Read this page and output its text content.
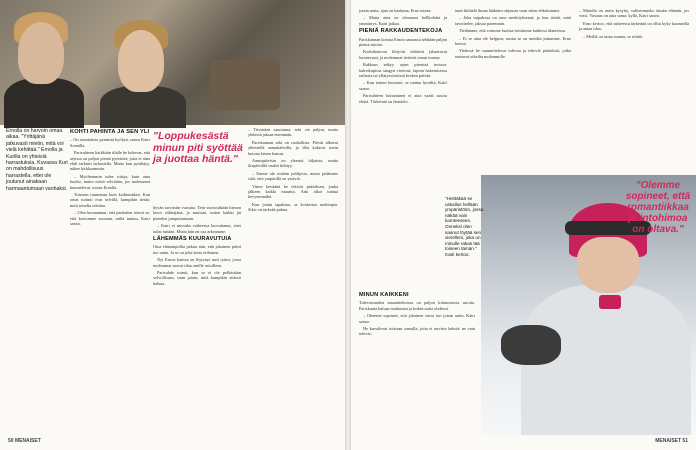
Ernolla on harvoin omaa aikaa. "Yrittäjänä jatkuvasti mietin, mitä voi vielä kehittää." Ernolla ja Kurilla on yhteisiä harrastuksia. Kuvassa Kuri on mahdollisuus harrastella, ettei ole joutunut ainakaan harmaantumaan vanhaksi.
KOHTI PAHINTA JA SEN YLI

– On sisustuksia pynnistä hyökyä, sanoo Katri Sonnilla.

Parisuhteen kärkkään tilalle he kokevat, että arjessa on paljon pieniä pyörteitä, joita ei aina ehdi tarkasti tarkastella. Mutta kun pysähtyy, näkee kirkkaammin.

– Myöhemmin tulee riitoja, kuin aina luulisi, mutta niistä selvitään, jos molemmat kuuntelevat, toteaa Ernolla.

Toisiaan tunnetaan kuin kodinmäkeä. Kun omat rutiinit ovat selvillä, kumpikin tietää, mitä toiselta odottaa.

– Olen huomannut, että parhaiten toimii se, että kerromme suoraan, miltä tuntuu, Katri sanoo.

"Loppukesästä minun piti syöttää ja juottaa häntä."

hyvän tarvitsiin vuosina. Tein vuorosäkään hienon koon välittäjänä, ja muistan, miten kaikki jäi pieneksi jumputtamaan.

– Katri ei missään vaiheessa luovuttanut, ettei tulisi mitään. Mutta hän on osa arkeamme.

LÄHEMMÄS KUURAVUTUIA

Oma elämänpolku jatkuu niin, että jokainen päivä tuo uutta. Ja se on joka kerta erilainen.

Nyt Ernon kanssa on löytynyt uusi rytmi, jossa molemmat saavat tilaa omille asioilleen.

Parisuhde toimii, kun se ei ole pelkästään velvollisuus, vaan jotain, mitä kumpikin aidosti haluaa.

– Tiivistäen sanottuna: arki vie paljon, mutta yhdessä jaksaa enemmän.

Pariskunnan arki on rauhallista. Päivät alkavat yhteisellä aamukahvilla, ja illat kuluvat usein kotona lasten kanssa.

Aamupäivisin on yleensä hiljaista, mutta iltapäivällä vauhti kiihtyy.

– Emme ole mitään juhlijoita, mutta pidämme siitä, että ympärillä on ystäviä.

Viime keväänä he tekivät päätöksen, jonka jälkeen kaikki muuttui. Arki alkoi tuntua kevyemmältä.

Kun jotain tapahtuu, se koskettaa molempia. Siksi on tärkeää puhua.

50 MENAISET

jotain uutta, ajan on kaukana, Erno toteaa.

– Mutta aina on olemassa hellkohdat ja ymmärrys, Katri jatkaa.

PIENIÄ RAKKAUDENTEKOJA

Pariskunnan kotona Ernon saunassa tehdään paljon pieniä asioita.

Kodinhoitoon liittyvät tehtävät jakautuvat luontevasti, ja molemmat tietävät oman osansa.

Rakkaus näkyy arjen pienissä teoissa: kahvikupissa sängyn vieressä, lapsen hakemisessa tarhasta tai yllätysviestissä kesken päivää.

– Kun toinen huomioi, se tuntuu hyvältä, Katri sanoo.

Parisuhteen hoitaminen ei aina vaadi suuria eleitä. Tärkeintä on läsnäolo.

tunti hiihtelä ilman lääkärin ohjausta vaan sitten ehkäisimme.

– Joka taipalessa on oma merkityksensä, ja kun tietää, mitä tavoittelee, jaksaa paremmin.

Tiedämme, että voimme luottaa toisiimme kaikissa tilanteissa.

– Ei se aina ole helppoa, mutta se on meidän juttumme, Erno kertoo.

Yhdessä he suunnittelevat tulevaa ja tekevät päätöksiä, jotka tuntuvat oikeilta molemmille.

– Minulla on usein kysytty, valitsimmeko tämän elämän, jos voisi. Vastaus on aina sama: kyllä, Katri sanoo.

Erno kertoo, että suhteessa tärkeintä on ollut kyky kuunnella ja antaa tilaa.

– Meillä on sama suunta, se riittää.

"Olemme sopineet, että romantiikkaa ja intohimoa on oltava."
"Heittäkää se uskallus hellään ympäristöön, jossa näkää vain luonteeseen. Onneksi olen saanut löytää sen vierelleni, joka on minulle rakas tää toiseen tämän." Katri kertoo.
MINUN KAIKKENI

Tulevaisuuden suunnitelmissa on paljon kiinnostavia asioita. Pariskunta haluaa matkustaa ja kokea uutta yhdessä.

– Olemme sopineet, että jokainen vuosi tuo jotain uutta, Katri sanoo.

He kuvailevat toisiaan sanoilla, joita ei tarvitse keksiä: ne vain tulevat.

MENAISET 51
